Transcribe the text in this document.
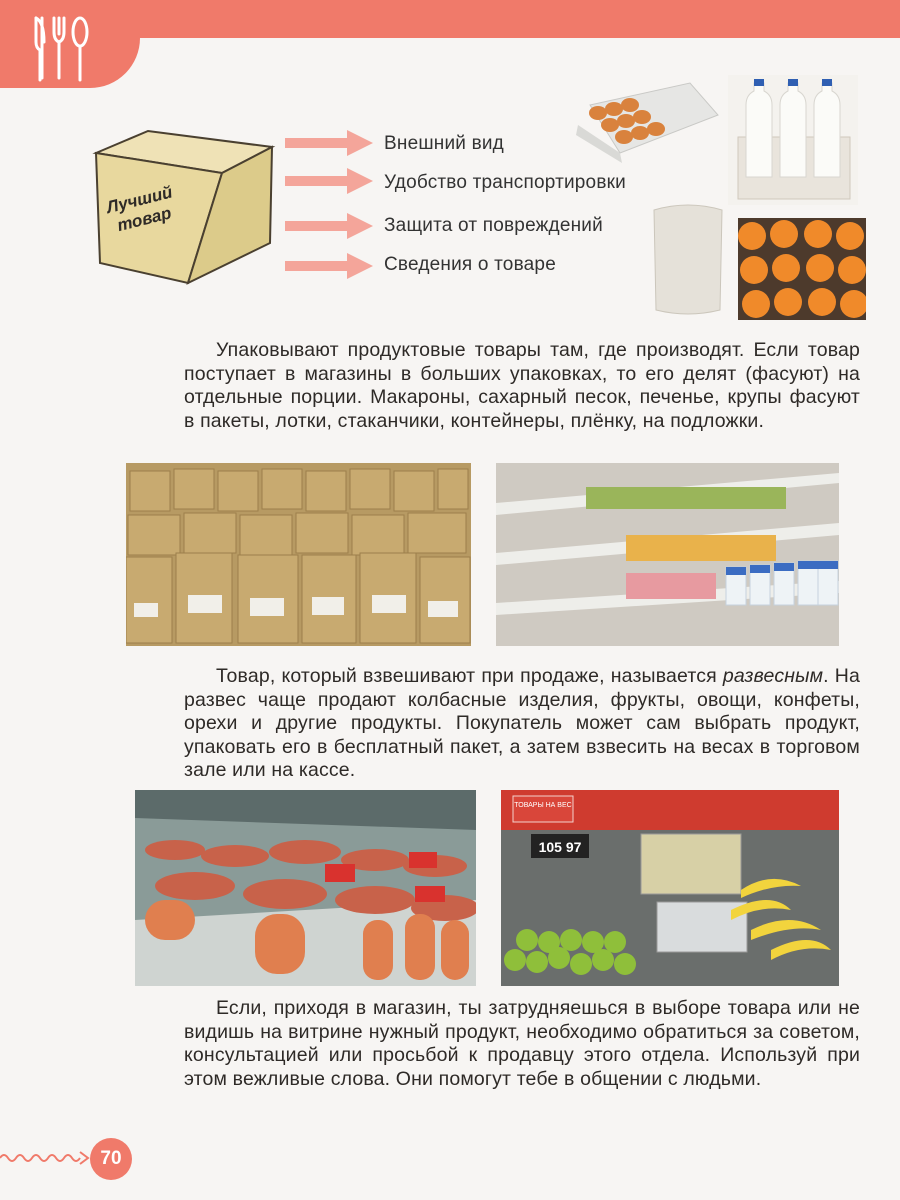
Лучший товар
Внешний вид
Удобство транспортировки
Защита от повреждений
Сведения о товаре
Упаковывают продуктовые товары там, где производят. Если товар поступает в магазины в больших упаковках, то его делят (фасуют) на отдельные порции. Макароны, сахарный песок, печенье, крупы фасуют в пакеты, лотки, стаканчики, контейнеры, плёнку, на подложки.
Товар, который взвешивают при продаже, называется развесным. На развес чаще продают колбасные изделия, фрукты, овощи, конфеты, орехи и другие продукты. Покупатель может сам выбрать продукт, упаковать его в бесплатный пакет, а затем взвесить на весах в торговом зале или на кассе.
ТОВАРЫ НА ВЕС
105 97
Если, приходя в магазин, ты затрудняешься в выборе товара или не видишь на витрине нужный продукт, необходимо обратиться за советом, консультацией или просьбой к продавцу этого отдела. Используй при этом вежливые слова. Они помогут тебе в общении с людьми.
70
